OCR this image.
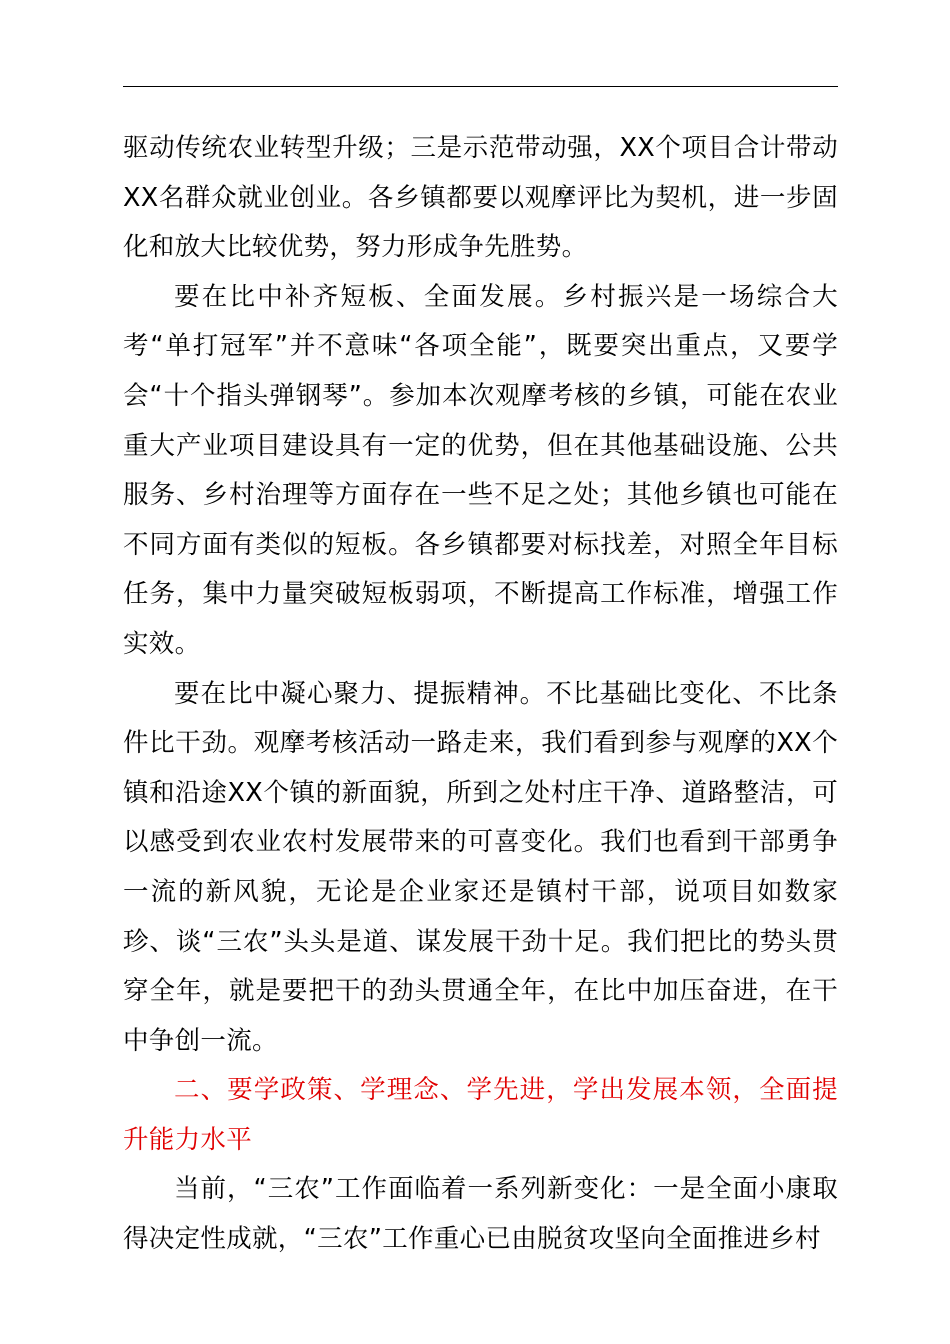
驱动传统农业转型升级；三是示范带动强，XX个项目合计带动XX名群众就业创业。各乡镇都要以观摩评比为契机，进一步固化和放大比较优势，努力形成争先胜势。

要在比中补齐短板、全面发展。乡村振兴是一场综合大考“单打冠军”并不意味“各项全能”，既要突出重点，又要学会“十个指头弹钢琴”。参加本次观摩考核的乡镇，可能在农业重大产业项目建设具有一定的优势，但在其他基础设施、公共服务、乡村治理等方面存在一些不足之处；其他乡镇也可能在不同方面有类似的短板。各乡镇都要对标找差，对照全年目标任务，集中力量突破短板弱项，不断提高工作标准，增强工作实效。

要在比中凝心聚力、提振精神。不比基础比变化、不比条件比干劲。观摩考核活动一路走来，我们看到参与观摩的XX个镇和沿途XX个镇的新面貌，所到之处村庄干净、道路整洁，可以感受到农业农村发展带来的可喜变化。我们也看到干部勇争一流的新风貌，无论是企业家还是镇村干部，说项目如数家珍、谈“三农”头头是道、谋发展干劲十足。我们把比的势头贯穿全年，就是要把干的劲头贯通全年，在比中加压奋进，在干中争创一流。

二、要学政策、学理念、学先进，学出发展本领，全面提升能力水平

当前，“三农”工作面临着一系列新变化：一是全面小康取得决定性成就，“三农”工作重心已由脱贫攻坚向全面推进乡村
